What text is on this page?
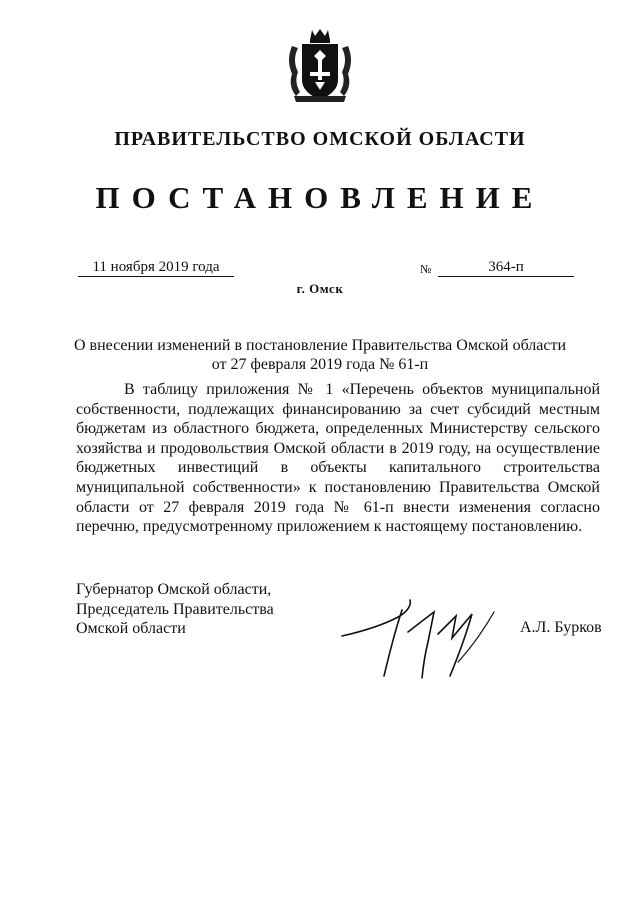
ПРАВИТЕЛЬСТВО ОМСКОЙ ОБЛАСТИ
ПОСТАНОВЛЕНИЕ
11 ноября 2019 года	№	364-п
г. Омск
О внесении изменений в постановление Правительства Омской области
от 27 февраля 2019 года № 61-п

В таблицу приложения № 1 «Перечень объектов муниципальной собственности, подлежащих финансированию за счет субсидий местным бюджетам из областного бюджета, определенных Министерству сельского хозяйства и продовольствия Омской области в 2019 году, на осуществление бюджетных инвестиций в объекты капитального строительства муниципальной собственности» к постановлению Правительства Омской области от 27 февраля 2019 года № 61-п внести изменения согласно перечню, предусмотренному приложением к настоящему постановлению.

Губернатор Омской области,
Председатель Правительства
Омской области	А.Л. Бурков
